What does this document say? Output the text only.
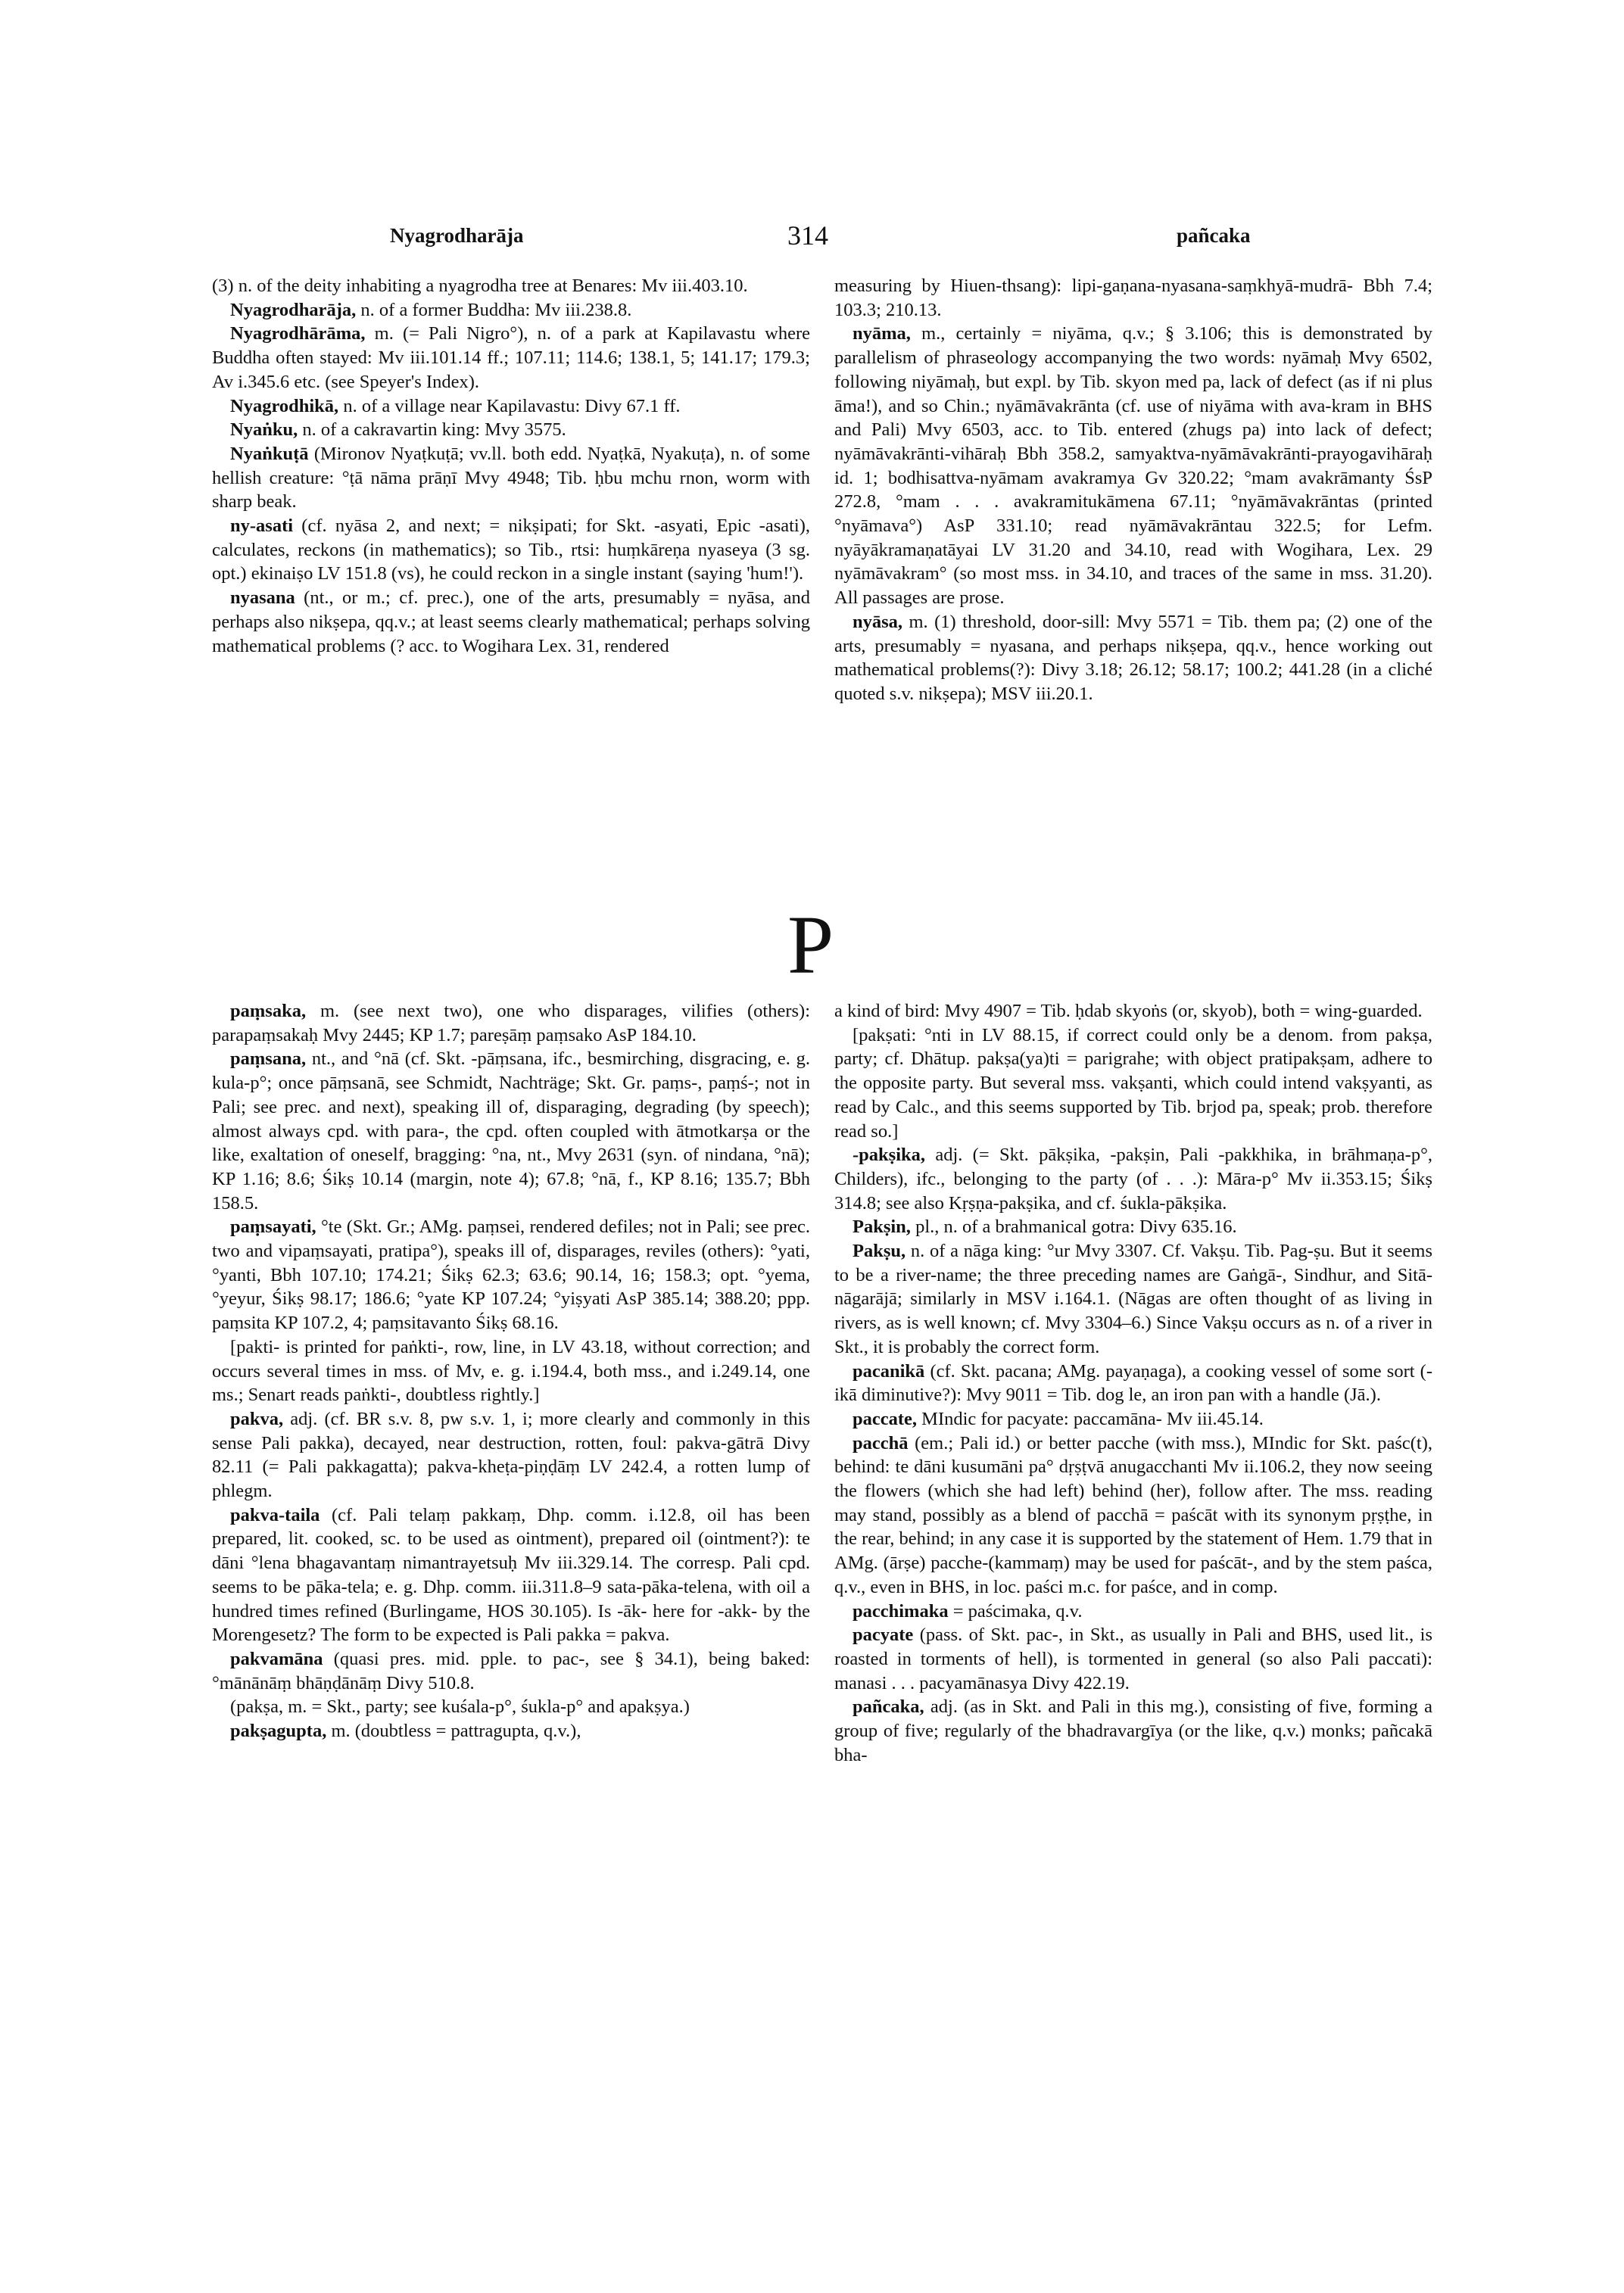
Nyagrodharāja	314	pañcaka

(3) n. of the deity inhabiting a nyagrodha tree at Benares: Mv iii.403.10.

Nyagrodharāja, n. of a former Buddha: Mv iii.238.8.

Nyagrodhārāma, m. (= Pali Nigro°), n. of a park at Kapilavastu where Buddha often stayed: Mv iii.101.14 ff.; 107.11; 114.6; 138.1, 5; 141.17; 179.3; Av i.345.6 etc. (see Speyer's Index).

Nyagrodhikā, n. of a village near Kapilavastu: Divy 67.1 ff.

Nyaṅku, n. of a cakravartin king: Mvy 3575.

Nyaṅkuṭā (Mironov Nyaṭkuṭā; vv.ll. both edd. Nyaṭkā, Nyakuṭa), n. of some hellish creature: °ṭā nāma prāṇī Mvy 4948; Tib. ḥbu mchu rnon, worm with sharp beak.

ny-asati (cf. nyāsa 2, and next; = nikṣipati; for Skt. -asyati, Epic -asati), calculates, reckons (in mathematics); so Tib., rtsi: huṃkāreṇa nyaseya (3 sg. opt.) ekinaiṣo LV 151.8 (vs), he could reckon in a single instant (saying 'hum!').

nyasana (nt., or m.; cf. prec.), one of the arts, presumably = nyāsa, and perhaps also nikṣepa, qq.v.; at least seems clearly mathematical; perhaps solving mathematical problems (? acc. to Wogihara Lex. 31, rendered

measuring by Hiuen-thsang): lipi-gaṇana-nyasana-saṃkhyā-mudrā- Bbh 7.4; 103.3; 210.13.

nyāma, m., certainly = niyāma, q.v.; § 3.106; this is demonstrated by parallelism of phraseology accompanying the two words: nyāmaḥ Mvy 6502, following niyāmaḥ, but expl. by Tib. skyon med pa, lack of defect (as if ni plus āma!), and so Chin.; nyāmāvakrānta (cf. use of niyāma with ava-kram in BHS and Pali) Mvy 6503, acc. to Tib. entered (zhugs pa) into lack of defect; nyāmāvakrānti-vihāraḥ Bbh 358.2, samyaktva-nyāmāvakrānti-prayogavihāraḥ id. 1; bodhisattva-nyāmam avakramya Gv 320.22; °mam avakrāmanty ŚsP 272.8, °mam . . . avakramitukāmena 67.11; °nyāmāvakrāntas (printed °nyāmava°) AsP 331.10; read nyāmāvakrāntau 322.5; for Lefm. nyāyākramaṇatāyai LV 31.20 and 34.10, read with Wogihara, Lex. 29 nyāmāvakram° (so most mss. in 34.10, and traces of the same in mss. 31.20). All passages are prose.

nyāsa, m. (1) threshold, door-sill: Mvy 5571 = Tib. them pa; (2) one of the arts, presumably = nyasana, and perhaps nikṣepa, qq.v., hence working out mathematical problems(?): Divy 3.18; 26.12; 58.17; 100.2; 441.28 (in a cliché quoted s.v. nikṣepa); MSV iii.20.1.

P

paṃsaka, m. (see next two), one who disparages, vilifies (others): parapaṃsakaḥ Mvy 2445; KP 1.7; pareṣāṃ paṃsako AsP 184.10.

paṃsana, nt., and °nā (cf. Skt. -pāṃsana, ifc., besmirching, disgracing, e. g. kula-p°; once pāṃsanā, see Schmidt, Nachträge; Skt. Gr. paṃs-, paṃś-; not in Pali; see prec. and next), speaking ill of, disparaging, degrading (by speech); almost always cpd. with para-, the cpd. often coupled with ātmotkarṣa or the like, exaltation of oneself, bragging: °na, nt., Mvy 2631 (syn. of nindana, °nā); KP 1.16; 8.6; Śikṣ 10.14 (margin, note 4); 67.8; °nā, f., KP 8.16; 135.7; Bbh 158.5.

paṃsayati, °te (Skt. Gr.; AMg. paṃsei, rendered defiles; not in Pali; see prec. two and vipaṃsayati, pratipa°), speaks ill of, disparages, reviles (others): °yati, °yanti, Bbh 107.10; 174.21; Śikṣ 62.3; 63.6; 90.14, 16; 158.3; opt. °yema, °yeyur, Śikṣ 98.17; 186.6; °yate KP 107.24; °yiṣyati AsP 385.14; 388.20; ppp. paṃsita KP 107.2, 4; paṃsitavanto Śikṣ 68.16.

[pakti- is printed for paṅkti-, row, line, in LV 43.18, without correction; and occurs several times in mss. of Mv, e. g. i.194.4, both mss., and i.249.14, one ms.; Senart reads paṅkti-, doubtless rightly.]

pakva, adj. (cf. BR s.v. 8, pw s.v. 1, i; more clearly and commonly in this sense Pali pakka), decayed, near destruction, rotten, foul: pakva-gātrā Divy 82.11 (= Pali pakkagatta); pakva-kheṭa-piṇḍāṃ LV 242.4, a rotten lump of phlegm.

pakva-taila (cf. Pali telaṃ pakkaṃ, Dhp. comm. i.12.8, oil has been prepared, lit. cooked, sc. to be used as ointment), prepared oil (ointment?): te dāni °lena bhagavantaṃ nimantrayetsuḥ Mv iii.329.14. The corresp. Pali cpd. seems to be pāka-tela; e. g. Dhp. comm. iii.311.8–9 sata-pāka-telena, with oil a hundred times refined (Burlingame, HOS 30.105). Is -āk- here for -akk- by the Morengesetz? The form to be expected is Pali pakka = pakva.

pakvamāna (quasi pres. mid. pple. to pac-, see § 34.1), being baked: °mānānāṃ bhāṇḍānāṃ Divy 510.8.

(pakṣa, m. = Skt., party; see kuśala-p°, śukla-p° and apakṣya.)

pakṣagupta, m. (doubtless = pattragupta, q.v.),

a kind of bird: Mvy 4907 = Tib. ḥdab skyoṅs (or, skyob), both = wing-guarded.

[pakṣati: °nti in LV 88.15, if correct could only be a denom. from pakṣa, party; cf. Dhātup. pakṣa(ya)ti = parigrahe; with object pratipakṣam, adhere to the opposite party. But several mss. vakṣanti, which could intend vakṣyanti, as read by Calc., and this seems supported by Tib. brjod pa, speak; prob. therefore read so.]

-pakṣika, adj. (= Skt. pākṣika, -pakṣin, Pali -pakkhika, in brāhmaṇa-p°, Childers), ifc., belonging to the party (of . . .): Māra-p° Mv ii.353.15; Śikṣ 314.8; see also Kṛṣṇa-pakṣika, and cf. śukla-pākṣika.

Pakṣin, pl., n. of a brahmanical gotra: Divy 635.16.

Pakṣu, n. of a nāga king: °ur Mvy 3307. Cf. Vakṣu. Tib. Pag-ṣu. But it seems to be a river-name; the three preceding names are Gaṅgā-, Sindhur, and Sitā-nāgarājā; similarly in MSV i.164.1. (Nāgas are often thought of as living in rivers, as is well known; cf. Mvy 3304–6.) Since Vakṣu occurs as n. of a river in Skt., it is probably the correct form.

pacanikā (cf. Skt. pacana; AMg. payaṇaga), a cooking vessel of some sort (-ikā diminutive?): Mvy 9011 = Tib. dog le, an iron pan with a handle (Jā.).

paccate, MIndic for pacyate: paccamāna- Mv iii.45.14.

pacchā (em.; Pali id.) or better pacche (with mss.), MIndic for Skt. paśc(t), behind: te dāni kusumāni pa° dṛṣṭvā anugacchanti Mv ii.106.2, they now seeing the flowers (which she had left) behind (her), follow after. The mss. reading may stand, possibly as a blend of pacchā = paścāt with its synonym pṛṣṭhe, in the rear, behind; in any case it is supported by the statement of Hem. 1.79 that in AMg. (ārṣe) pacche-(kammaṃ) may be used for paścāt-, and by the stem paśca, q.v., even in BHS, in loc. paści m.c. for paśce, and in comp.

pacchimaka = paścimaka, q.v.

pacyate (pass. of Skt. pac-, in Skt., as usually in Pali and BHS, used lit., is roasted in torments of hell), is tormented in general (so also Pali paccati): manasi . . . pacyamānasya Divy 422.19.

pañcaka, adj. (as in Skt. and Pali in this mg.), consisting of five, forming a group of five; regularly of the bhadravargīya (or the like, q.v.) monks; pañcakā bha-
